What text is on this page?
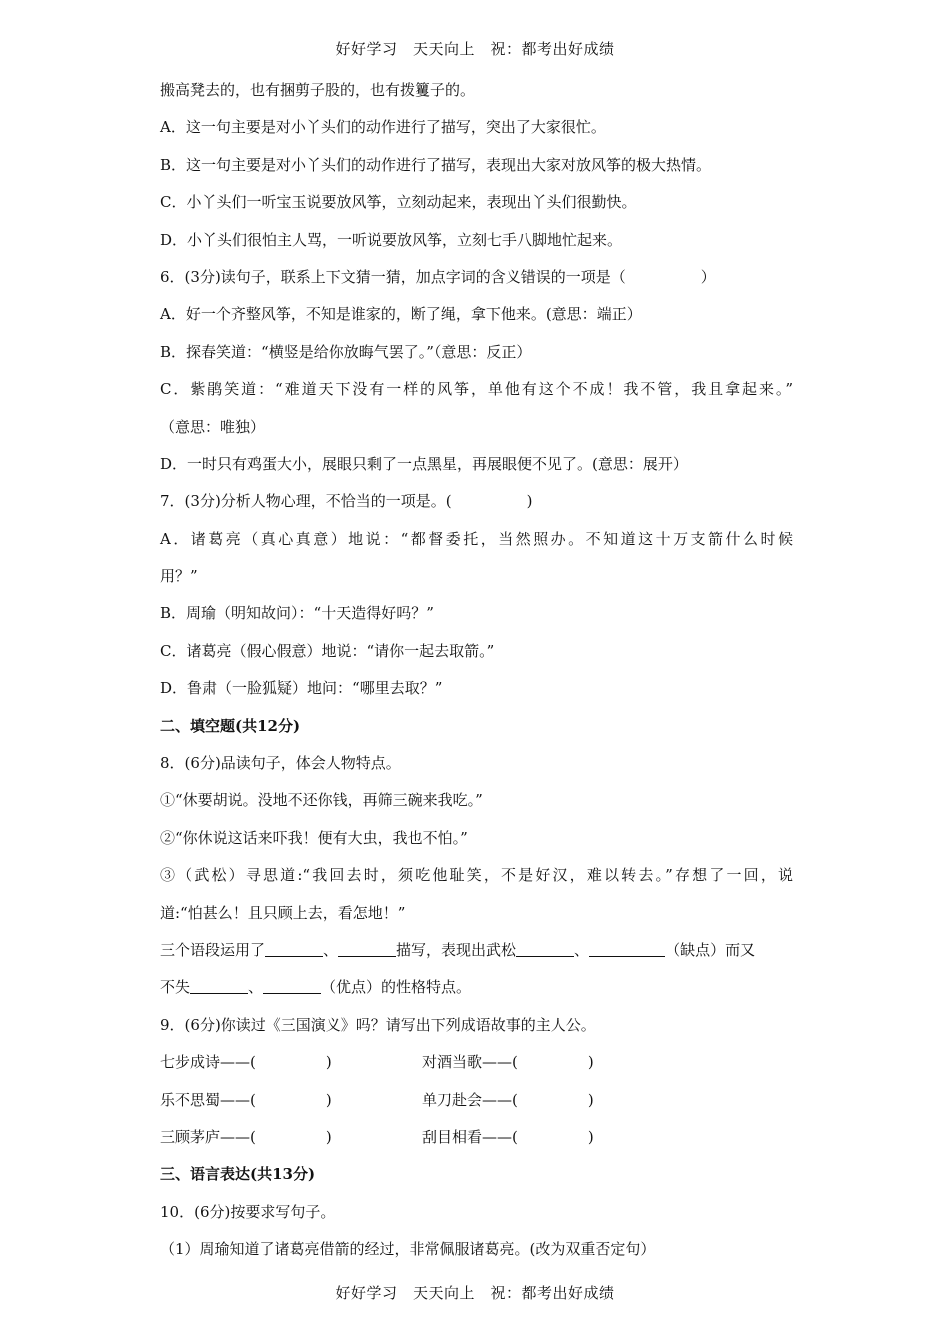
好好学习　天天向上　祝：都考出好成绩
搬高凳去的，也有捆剪子股的，也有拨籰子的。
A．这一句主要是对小丫头们的动作进行了描写，突出了大家很忙。
B．这一句主要是对小丫头们的动作进行了描写，表现出大家对放风筝的极大热情。
C．小丫头们一听宝玉说要放风筝，立刻动起来，表现出丫头们很勤快。
D．小丫头们很怕主人骂，一听说要放风筝，立刻七手八脚地忙起来。
6．(3分)读句子，联系上下文猜一猜，加点字词的含义错误的一项是（　　　　　）
A．好一个齐整风筝，不知是谁家的，断了绳，拿下他来。(意思：端正）
B．探春笑道：“横竖是给你放晦气罢了。”（意思：反正）
C．紫鹃笑道：“难道天下没有一样的风筝，单他有这个不成！我不管，我且拿起来。”
（意思：唯独）
D．一时只有鸡蛋大小，展眼只剩了一点黑星，再展眼便不见了。(意思：展开）
7．(3分)分析人物心理，不恰当的一项是。(　　　　　)
A．诸葛亮（真心真意）地说：“都督委托，当然照办。不知道这十万支箭什么时候
用？”
B．周瑜（明知故问）：“十天造得好吗？”
C．诸葛亮（假心假意）地说：“请你一起去取箭。”
D．鲁肃（一脸狐疑）地问：“哪里去取？”
二、填空题(共12分)
8．(6分)品读句子，体会人物特点。
①“休要胡说。没地不还你钱，再筛三碗来我吃。”
②“你休说这话来吓我！便有大虫，我也不怕。”
③（武松）寻思道:“我回去时，须吃他耻笑，不是好汉，难以转去。”存想了一回，说
道:“怕甚么！且只顾上去，看怎地！”
三个语段运用了	、	描写，表现出武松	、	（缺点）而又
不失	、	（优点）的性格特点。
9．(6分)你读过《三国演义》吗？请写出下列成语故事的主人公。
七步成诗——(	)	对酒当歌——(	)
乐不思蜀——(	)	单刀赴会——(	)
三顾茅庐——(	)	刮目相看——(	)
三、语言表达(共13分)
10．(6分)按要求写句子。
（1）周瑜知道了诸葛亮借箭的经过，非常佩服诸葛亮。(改为双重否定句）
好好学习　天天向上　祝：都考出好成绩
